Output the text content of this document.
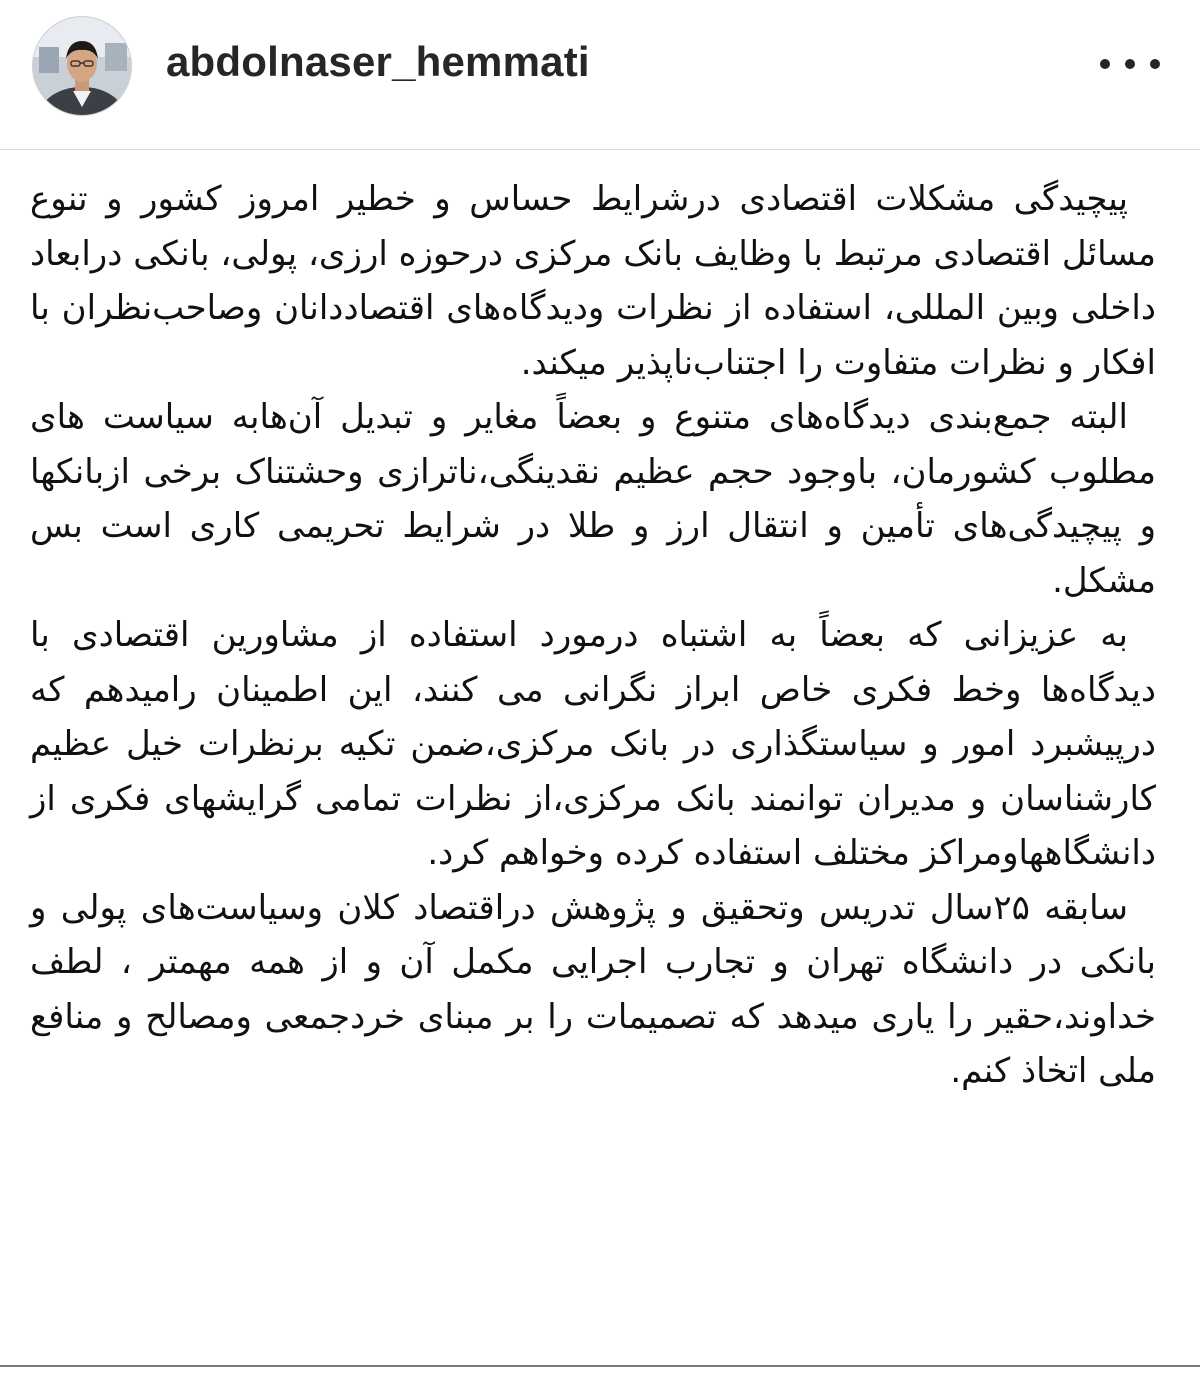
abdolnaser_hemmati

پیچیدگی مشکلات اقتصادی درشرایط حساس و خطیر امروز کشور و تنوع مسائل اقتصادی مرتبط با وظایف بانک مرکزی درحوزه ارزی، پولی، بانکی درابعاد داخلی وبین المللی، استفاده از نظرات ودیدگاه‌های اقتصاددانان وصاحب‌نظران با افکار و نظرات متفاوت را اجتناب‌ناپذیر میکند.

البته جمع‌بندی دیدگاه‌های متنوع و بعضاً مغایر و تبدیل آن‌هابه سیاست های مطلوب کشورمان، باوجود حجم عظیم نقدینگی،ناترازی وحشتناک برخی ازبانکها و پیچیدگی‌های تأمین و انتقال ارز و طلا در شرایط تحریمی کاری است بس مشکل.

به عزیزانی که بعضاً به اشتباه درمورد استفاده از مشاورین اقتصادی با دیدگاه‌ها وخط فکری خاص ابراز نگرانی می کنند، این اطمینان رامیدهم که درپیشبرد امور و سیاستگذاری در بانک مرکزی،ضمن تکیه برنظرات خیل عظیم کارشناسان و مدیران توانمند بانک مرکزی،از نظرات تمامی گرایشهای فکری از دانشگاههاومراکز مختلف استفاده کرده وخواهم کرد.

سابقه ۲۵سال تدریس وتحقیق و پژوهش دراقتصاد کلان وسیاست‌های پولی و بانکی در دانشگاه تهران و تجارب اجرایی مکمل آن و از همه مهمتر ، لطف خداوند،حقیر را یاری میدهد که تصمیمات را بر مبنای خردجمعی ومصالح و منافع ملی اتخاذ کنم.
